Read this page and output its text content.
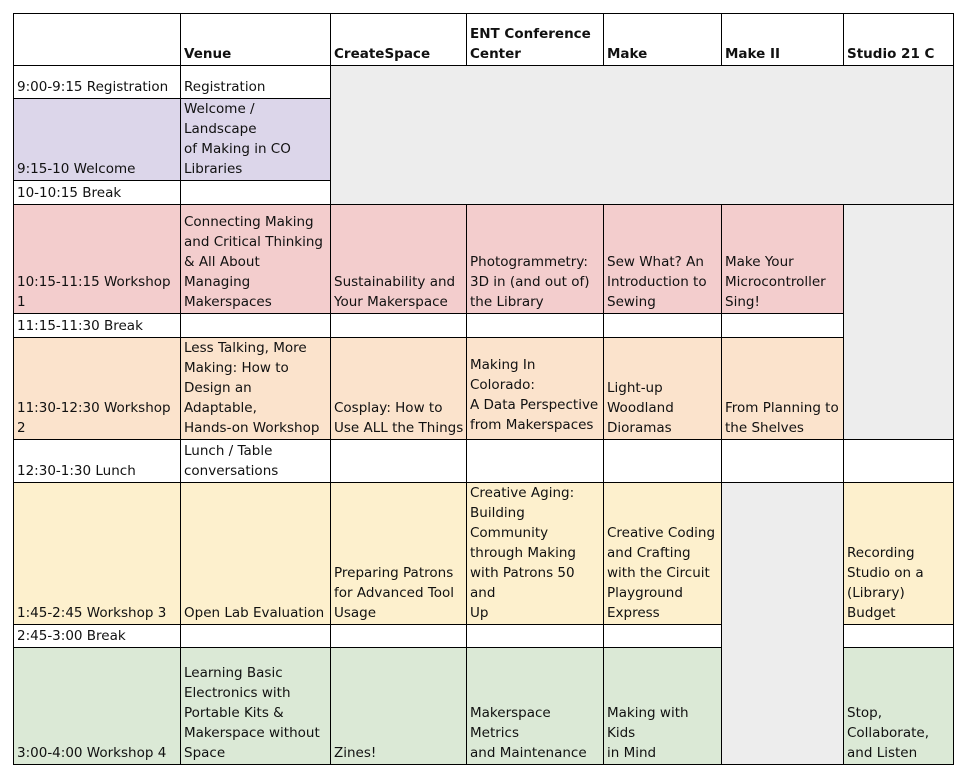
	Venue	CreateSpace	ENT Conference
Center	Make	Make II	Studio 21 C
9:00-9:15 Registration	Registration					
9:15-10 Welcome	Welcome / Landscape
of Making in CO
Libraries					
10-10:15 Break						
10:15-11:15 Workshop 1	Connecting Making
and Critical Thinking
& All About Managing
Makerspaces	Sustainability and
Your Makerspace	Photogrammetry:
3D in (and out of)
the Library	Sew What? An
Introduction to
Sewing	Make Your
Microcontroller
Sing!	
11:15-11:30 Break						
11:30-12:30 Workshop 2	Less Talking, More
Making: How to
Design an Adaptable,
Hands-on Workshop	Cosplay: How to
Use ALL the Things	Making In Colorado:
A Data Perspective
from Makerspaces	Light-up
Woodland
Dioramas	From Planning to
the Shelves	
12:30-1:30 Lunch	Lunch / Table
conversations					
1:45-2:45 Workshop 3	Open Lab Evaluation	Preparing Patrons
for Advanced Tool
Usage	Creative Aging:
Building Community
through Making
with Patrons 50 and
Up	Creative Coding
and Crafting
with the Circuit
Playground
Express		Recording
Studio on a
(Library)
Budget
2:45-3:00 Break						
3:00-4:00 Workshop 4	Learning Basic
Electronics with
Portable Kits &
Makerspace without
Space	Zines!	Makerspace Metrics
and Maintenance	Making with Kids
in Mind		Stop,
Collaborate,
and Listen
